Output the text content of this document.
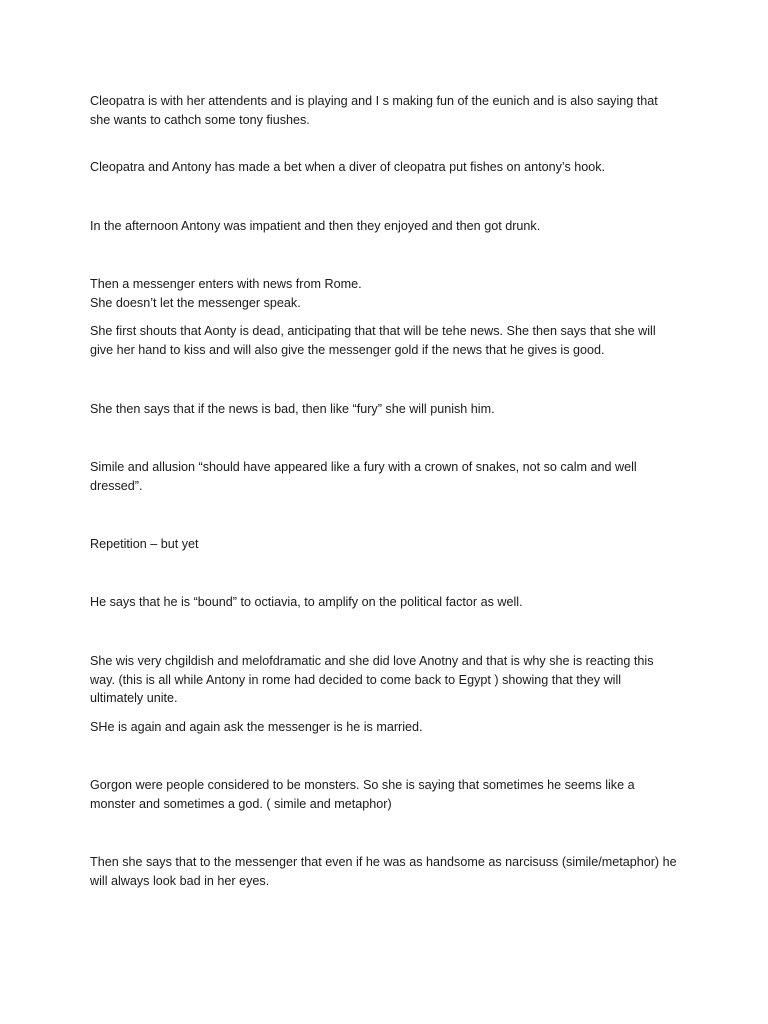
Cleopatra is with her attendents and is playing and I s making fun of the eunich and is also saying that
she wants to cathch some tony fiushes.

Cleopatra and Antony has made a bet when a diver of cleopatra put fishes on antony’s hook.

In the afternoon Antony was impatient and then they enjoyed and then got drunk.

Then a messenger enters with news from Rome.
She doesn’t let the messenger speak.

She first shouts that Aonty is dead, anticipating that that will be tehe news. She then says that she will
give her hand to kiss and will also give the messenger gold if the news that he gives is good.

She then says that if the news is bad, then like “fury” she will punish him.

Simile and allusion “should have appeared like a fury with a crown of snakes, not so calm and well
dressed”.

Repetition – but yet

He says that he is “bound” to octiavia, to amplify on the political factor as well.

She wis very chgildish and melofdramatic and she did love Anotny and that is why she is reacting this
way. (this is all while Antony in rome had decided to come back to Egypt ) showing that they will
ultimately unite.

SHe is again and again ask the messenger is he is married.

Gorgon were people considered to be monsters. So she is saying that sometimes he seems like a
monster and sometimes a god. ( simile and metaphor)

Then she says that to the messenger that even if he was as handsome as narcisuss (simile/metaphor) he
will always look bad in her eyes.
